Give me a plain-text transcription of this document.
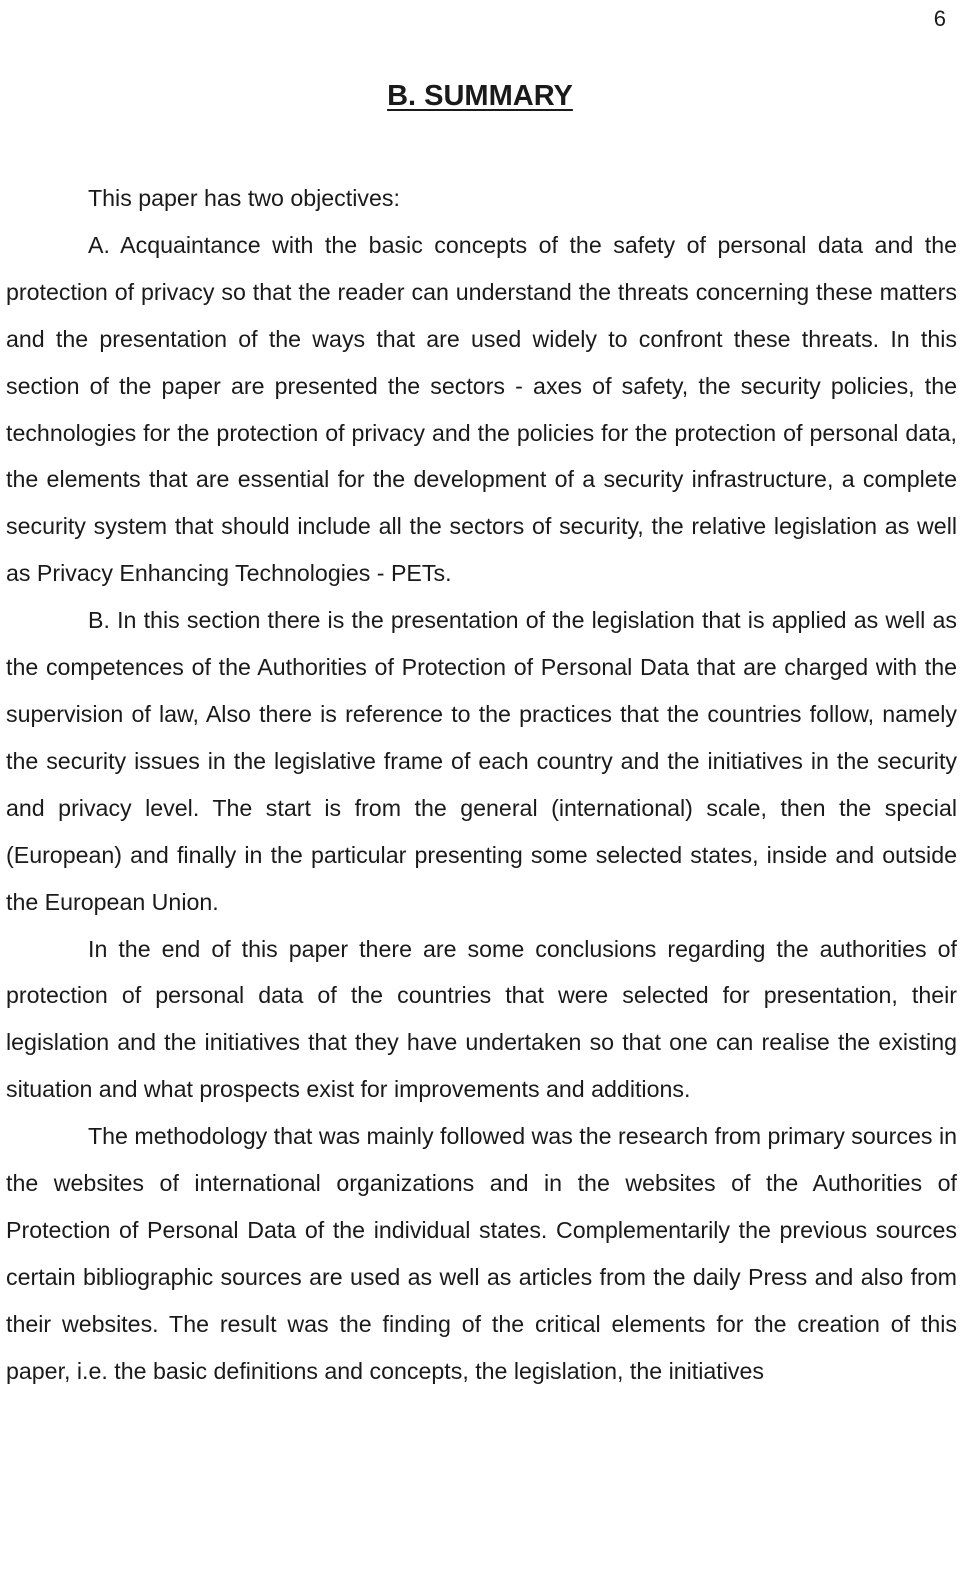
6
B. SUMMARY

This paper has two objectives:

A. Acquaintance with the basic concepts of the safety of personal data and the protection of privacy so that the reader can understand the threats concerning these matters and the presentation of the ways that are used widely to confront these threats. In this section of the paper are presented the sectors - axes of safety, the security policies, the technologies for the protection of privacy and the policies for the protection of personal data, the elements that are essential for the development of a security infrastructure, a complete security system that should include all the sectors of security, the relative legislation as well as Privacy Enhancing Technologies - PETs.

B. In this section there is the presentation of the legislation that is applied as well as the competences of the Authorities of Protection of Personal Data that are charged with the supervision of law, Also there is reference to the practices that the countries follow, namely the security issues in the legislative frame of each country and the initiatives in the security and privacy level. The start is from the general (international) scale, then the special (European) and finally in the particular presenting some selected states, inside and outside the European Union.

In the end of this paper there are some conclusions regarding the authorities of protection of personal data of the countries that were selected for presentation, their legislation and the initiatives that they have undertaken so that one can realise the existing situation and what prospects exist for improvements and additions.

The methodology that was mainly followed was the research from primary sources in the websites of international organizations and in the websites of the Authorities of Protection of Personal Data of the individual states. Complementarily the previous sources certain bibliographic sources are used as well as articles from the daily Press and also from their websites. The result was the finding of the critical elements for the creation of this paper, i.e. the basic definitions and concepts, the legislation, the initiatives
